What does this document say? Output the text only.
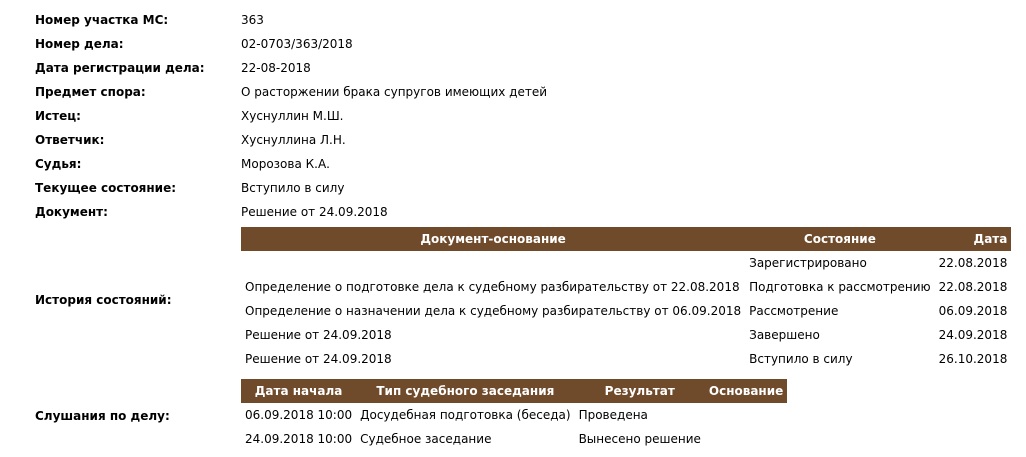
Номер участка МС:	363
Номер дела:	02-0703/363/2018
Дата регистрации дела:	22-08-2018
Предмет спора:	О расторжении брака супругов имеющих детей
Истец:	Хуснуллин М.Ш.
Ответчик:	Хуснуллина Л.Н.
Судья:	Морозова К.А.
Текущее состояние:	Вступило в силу
Документ:	Решение от 24.09.2018
История состояний:
Документ-основание	Состояние	Дата
	Зарегистрировано	22.08.2018
Определение о подготовке дела к судебному разбирательству от 22.08.2018	Подготовка к рассмотрению	22.08.2018
Определение о назначении дела к судебному разбирательству от 06.09.2018	Рассмотрение	06.09.2018
Решение от 24.09.2018	Завершено	24.09.2018
Решение от 24.09.2018	Вступило в силу	26.10.2018
Слушания по делу:
Дата начала	Тип судебного заседания	Результат	Основание
06.09.2018 10:00	Досудебная подготовка (беседа)	Проведена	
24.09.2018 10:00	Судебное заседание	Вынесено решение	
